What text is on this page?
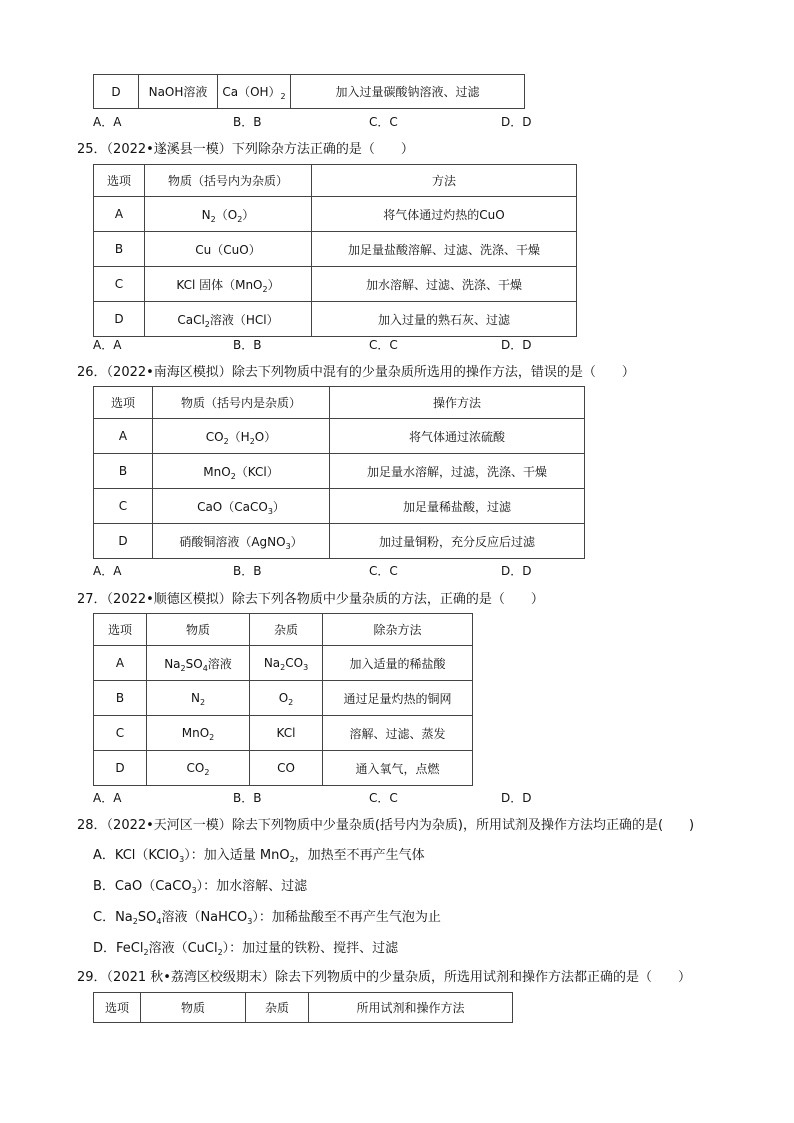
D	NaOH溶液	$Ca(OH)_2$	加入过量碳酸钠溶液、过滤
A．A	B．B	C．C	D．D
25．（2022•遂溪县一模）下列除杂方法正确的是（　　）
选项	物质（括号内为杂质）	方法
A	$N_2(O_2)$	将气体通过灼热的CuO
B	Cu（CuO）	加足量盐酸溶解、过滤、洗涤、干燥
C	KCl 固体（MnO$_2$）	加水溶解、过滤、洗涤、干燥
D	CaCl$_2$溶液（HCl）	加入过量的熟石灰、过滤
A．A	B．B	C．C	D．D
26．（2022•南海区模拟）除去下列物质中混有的少量杂质所选用的操作方法，错误的是（　　）
选项	物质（括号内是杂质）	操作方法
A	$CO_2(H_2O)$	将气体通过浓硫酸
B	MnO$_2$（KCl）	加足量水溶解，过滤，洗涤、干燥
C	CaO（CaCO$_3$）	加足量稀盐酸，过滤
D	硝酸铜溶液（AgNO$_3$）	加过量铜粉，充分反应后过滤
A．A	B．B	C．C	D．D
27．（2022•顺德区模拟）除去下列各物质中少量杂质的方法，正确的是（　　）
选项	物质	杂质	除杂方法
A	$Na_2SO_4$溶液	$Na_2CO_3$	加入适量的稀盐酸
B	$N_2$	$O_2$	通过足量灼热的铜网
C	MnO$_2$	KCl	溶解、过滤、蒸发
D	$CO_2$	CO	通入氧气，点燃
A．A	B．B	C．C	D．D
28．（2022•天河区一模）除去下列物质中少量杂质(括号内为杂质)，所用试剂及操作方法均正确的是(　　)
A．KCl（KClO$_3$）：加入适量 MnO$_2$，加热至不再产生气体
B．CaO（CaCO$_3$）：加水溶解、过滤
C．$Na_2SO_4$溶液（NaHCO$_3$）：加稀盐酸至不再产生气泡为止
D．FeCl$_2$溶液（CuCl$_2$）：加过量的铁粉、搅拌、过滤
29．（2021 秋•荔湾区校级期末）除去下列物质中的少量杂质，所选用试剂和操作方法都正确的是（　　）
选项	物质	杂质	所用试剂和操作方法
